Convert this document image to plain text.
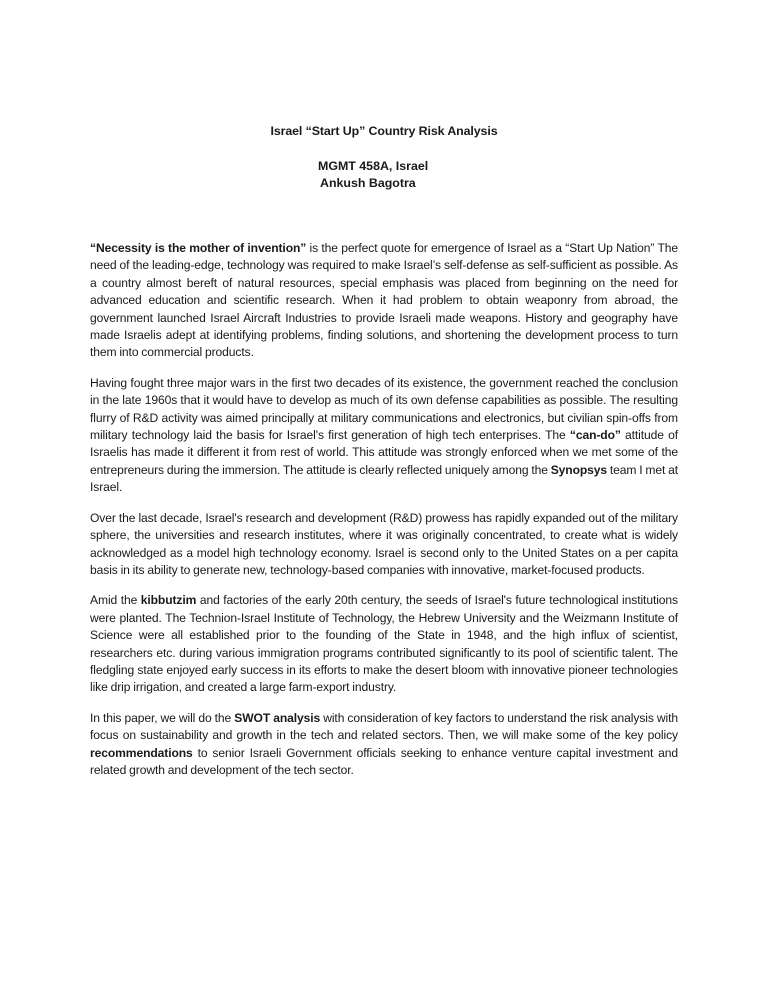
Israel “Start Up” Country Risk Analysis
MGMT 458A, Israel
Ankush Bagotra

“Necessity is the mother of invention” is the perfect quote for emergence of Israel as a “Start Up Nation” The need of the leading-edge, technology was required to make Israel’s self-defense as self-sufficient as possible. As a country almost bereft of natural resources, special emphasis was placed from beginning on the need for advanced education and scientific research. When it had problem to obtain weaponry from abroad, the government launched Israel Aircraft Industries to provide Israeli made weapons. History and geography have made Israelis adept at identifying problems, finding solutions, and shortening the development process to turn them into commercial products.

Having fought three major wars in the first two decades of its existence, the government reached the conclusion in the late 1960s that it would have to develop as much of its own defense capabilities as possible. The resulting flurry of R&D activity was aimed principally at military communications and electronics, but civilian spin-offs from military technology laid the basis for Israel's first generation of high tech enterprises. The “can-do” attitude of Israelis has made it different it from rest of world. This attitude was strongly enforced when we met some of the entrepreneurs during the immersion. The attitude is clearly reflected uniquely among the Synopsys team I met at Israel.

Over the last decade, Israel's research and development (R&D) prowess has rapidly expanded out of the military sphere, the universities and research institutes, where it was originally concentrated, to create what is widely acknowledged as a model high technology economy. Israel is second only to the United States on a per capita basis in its ability to generate new, technology-based companies with innovative, market-focused products.

Amid the kibbutzim and factories of the early 20th century, the seeds of Israel's future technological institutions were planted. The Technion-Israel Institute of Technology, the Hebrew University and the Weizmann Institute of Science were all established prior to the founding of the State in 1948, and the high influx of scientist, researchers etc. during various immigration programs contributed significantly to its pool of scientific talent. The fledgling state enjoyed early success in its efforts to make the desert bloom with innovative pioneer technologies like drip irrigation, and created a large farm-export industry.

In this paper, we will do the SWOT analysis with consideration of key factors to understand the risk analysis with focus on sustainability and growth in the tech and related sectors. Then, we will make some of the key policy recommendations to senior Israeli Government officials seeking to enhance venture capital investment and related growth and development of the tech sector.
